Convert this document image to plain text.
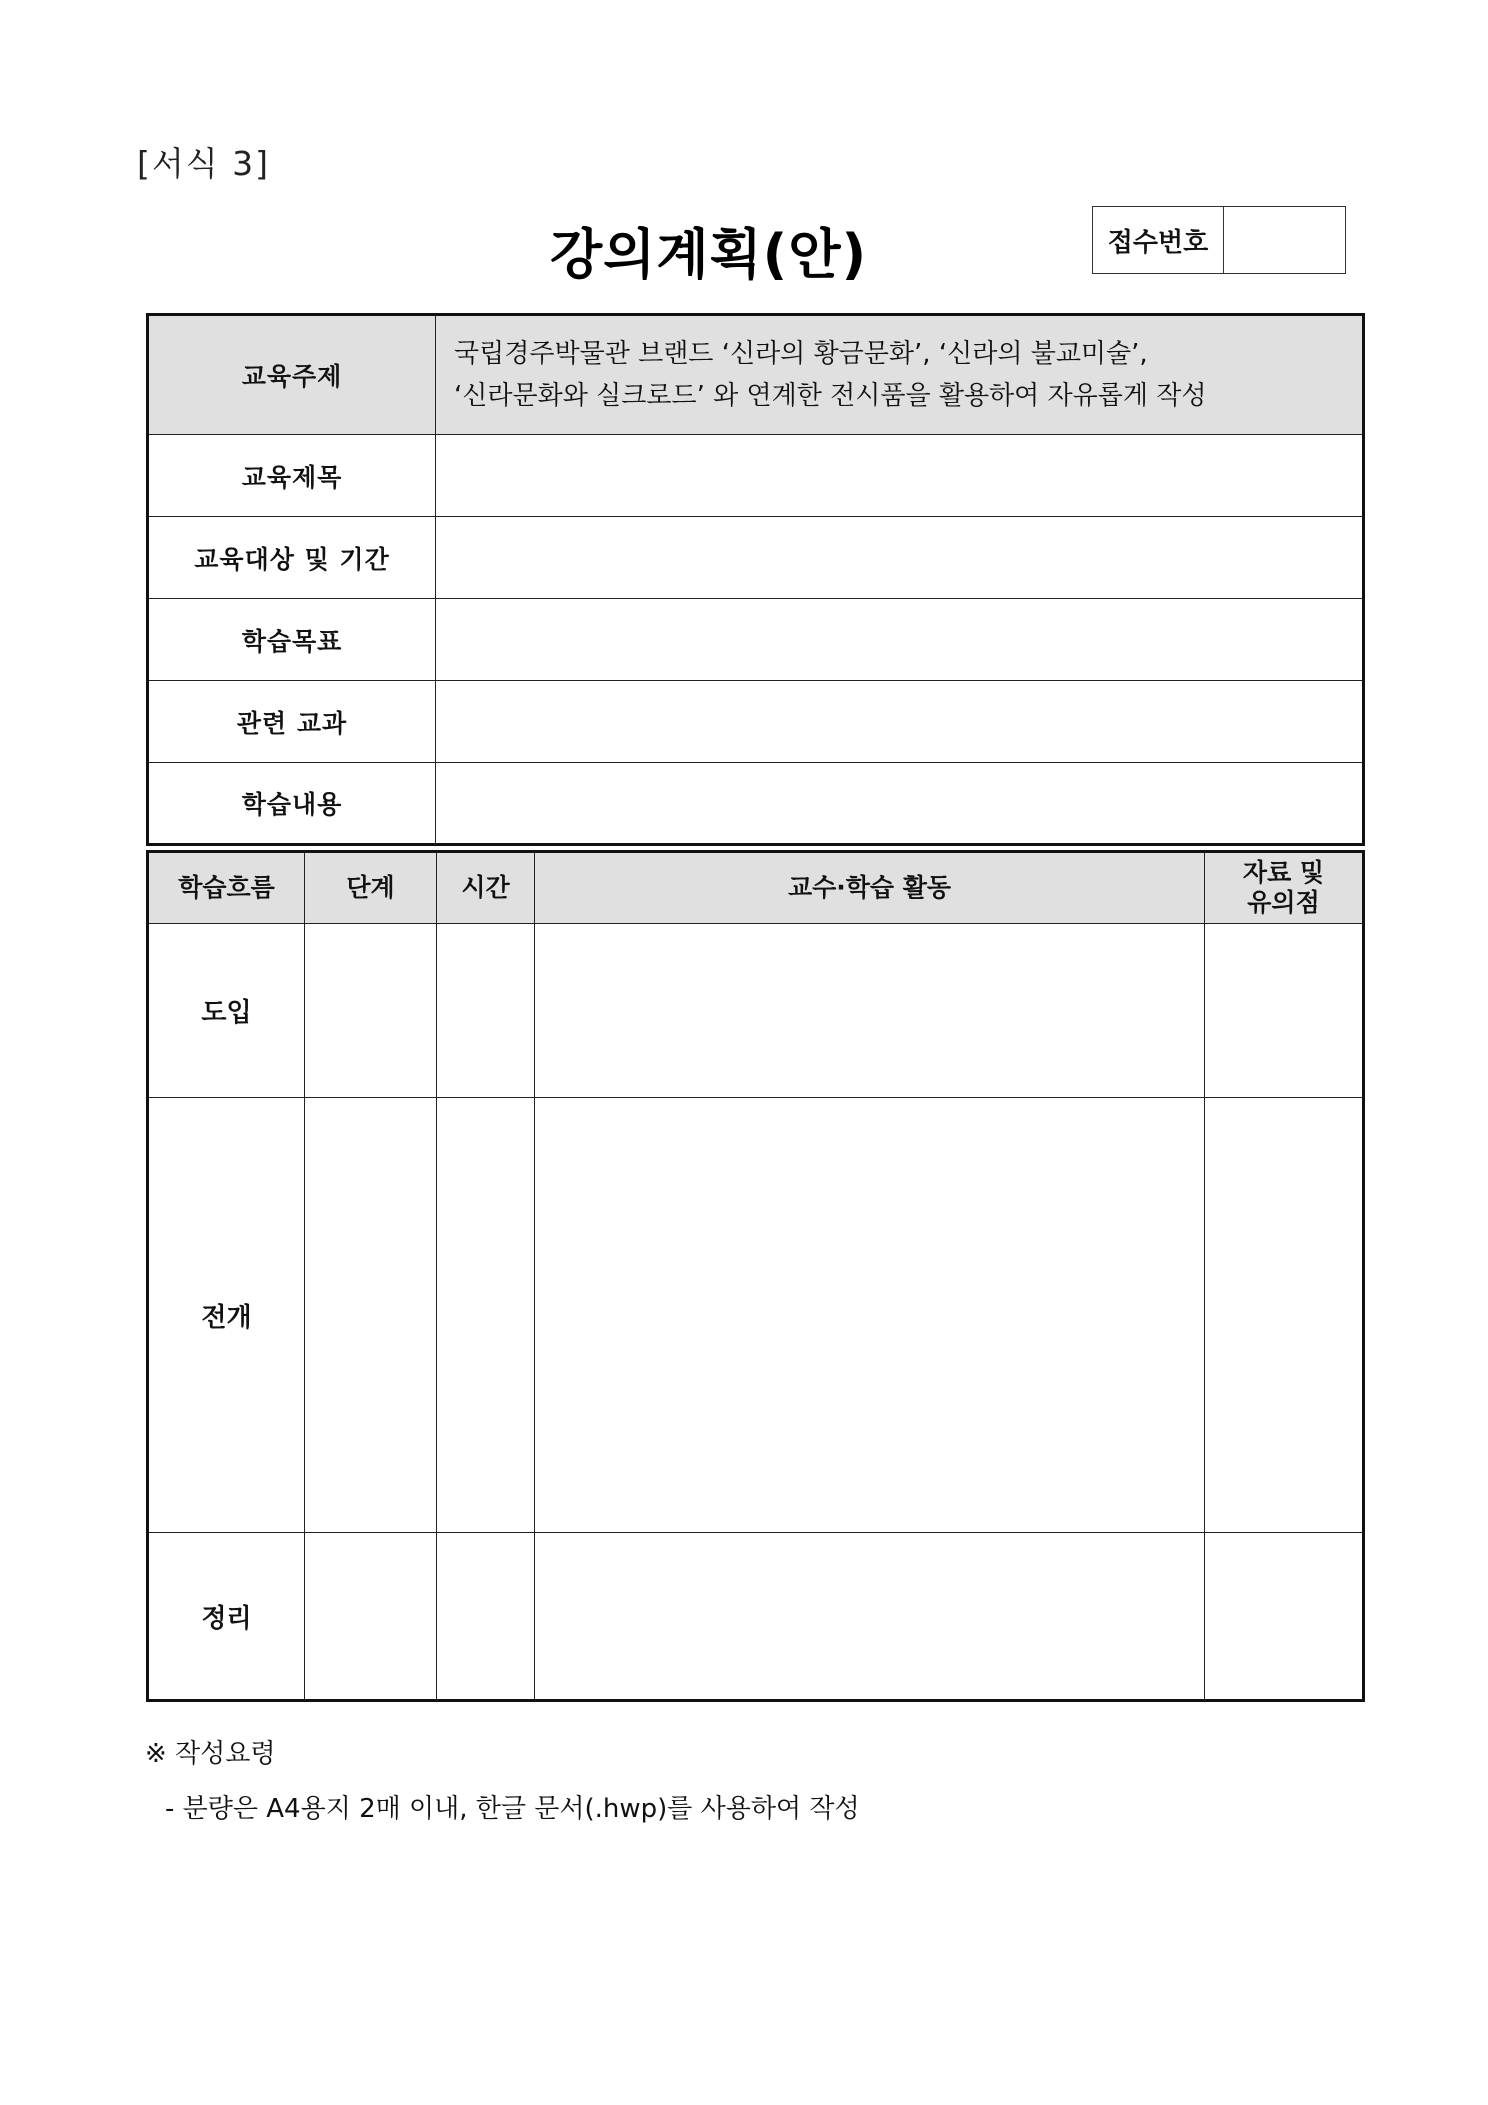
[서식 3]
강의계획(안)	접수번호
교육주제	국립경주박물관 브랜드 ‘신라의 황금문화’, ‘신라의 불교미술’,
‘신라문화와 실크로드’ 와 연계한 전시품을 활용하여 자유롭게 작성

교육제목	
교육대상 및 기간	
학습목표	
관련 교과	
학습내용	
학습흐름	단계	시간	교수·학습 활동	자료 및
유의점

도입				
전개				
정리				
※ 작성요령
- 분량은 A4용지 2매 이내, 한글 문서(.hwp)를 사용하여 작성
